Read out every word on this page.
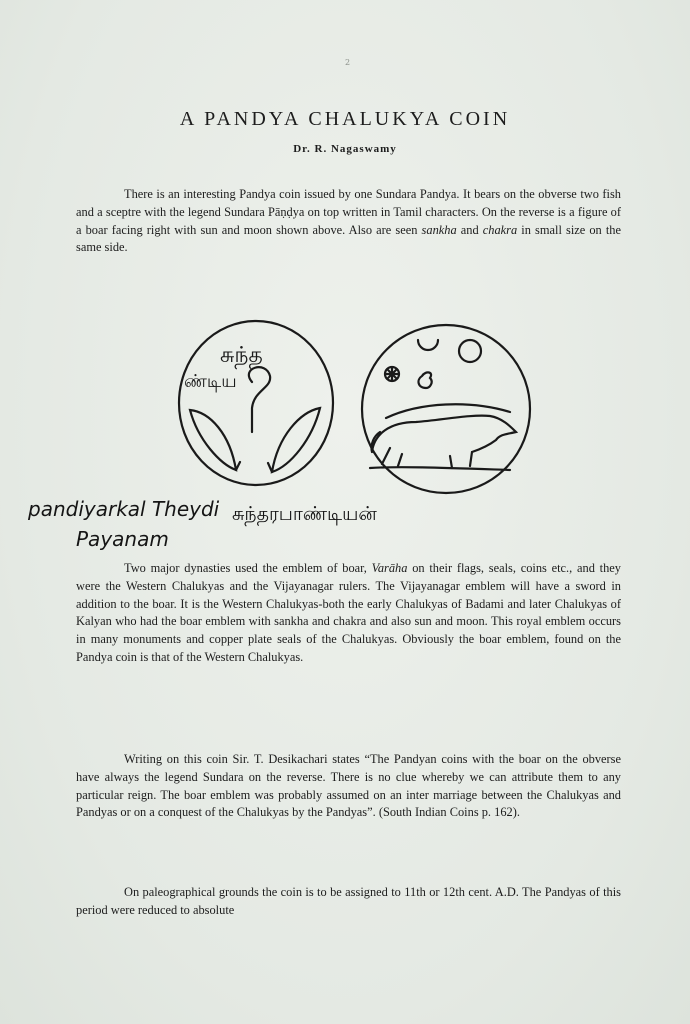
2
A PANDYA CHALUKYA COIN
Dr. R. Nagaswamy

There is an interesting Pandya coin issued by one Sundara Pandya. It bears on the obverse two fish and a sceptre with the legend Sundara Pāṇḍya on top written in Tamil characters. On the reverse is a figure of a boar facing right with sun and moon shown above. Also are seen sankha and chakra in small size on the same side.

சுந்த
ண்டிய
pandiyarkal Theydi
Payanam
சுந்தரபாண்டியன்

Two major dynasties used the emblem of boar, Varāha on their flags, seals, coins etc., and they were the Western Chalukyas and the Vijayanagar rulers. The Vijayanagar emblem will have a sword in addition to the boar. It is the Western Chalukyas-both the early Chalukyas of Badami and later Chalukyas of Kalyan who had the boar emblem with sankha and chakra and also sun and moon. This royal emblem occurs in many monuments and copper plate seals of the Chalukyas. Obviously the boar emblem, found on the Pandya coin is that of the Western Chalukyas.

Writing on this coin Sir. T. Desikachari states “The Pandyan coins with the boar on the obverse have always the legend Sundara on the reverse. There is no clue whereby we can attribute them to any particular reign. The boar emblem was probably assumed on an inter marriage between the Chalukyas and Pandyas or on a conquest of the Chalukyas by the Pandyas”. (South Indian Coins p. 162).

On paleographical grounds the coin is to be assigned to 11th or 12th cent. A.D. The Pandyas of this period were reduced to absolute
